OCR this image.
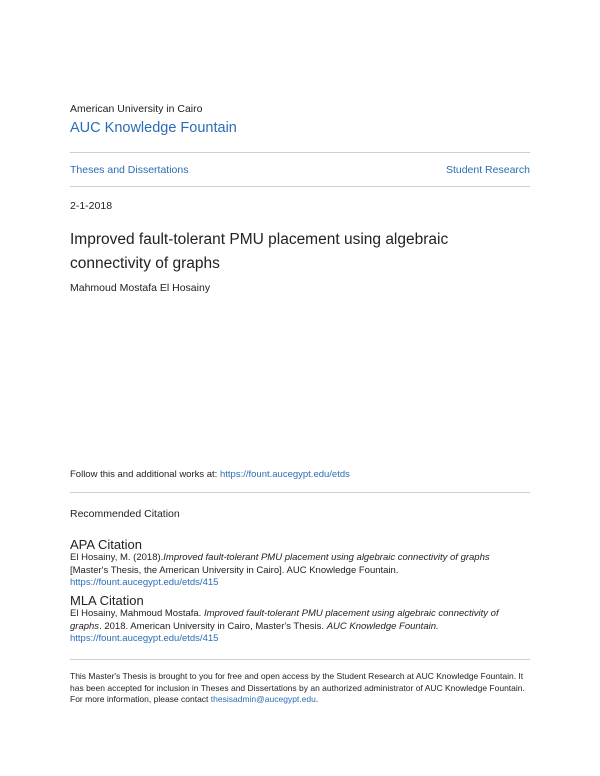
American University in Cairo
AUC Knowledge Fountain
Theses and Dissertations	Student Research
2-1-2018
Improved fault-tolerant PMU placement using algebraic connectivity of graphs
Mahmoud Mostafa El Hosainy
Follow this and additional works at: https://fount.aucegypt.edu/etds
Recommended Citation
APA Citation
El Hosainy, M. (2018).Improved fault-tolerant PMU placement using algebraic connectivity of graphs [Master's Thesis, the American University in Cairo]. AUC Knowledge Fountain.
https://fount.aucegypt.edu/etds/415
MLA Citation
El Hosainy, Mahmoud Mostafa. Improved fault-tolerant PMU placement using algebraic connectivity of graphs. 2018. American University in Cairo, Master's Thesis. AUC Knowledge Fountain.
https://fount.aucegypt.edu/etds/415
This Master's Thesis is brought to you for free and open access by the Student Research at AUC Knowledge Fountain. It has been accepted for inclusion in Theses and Dissertations by an authorized administrator of AUC Knowledge Fountain. For more information, please contact thesisadmin@aucegypt.edu.
